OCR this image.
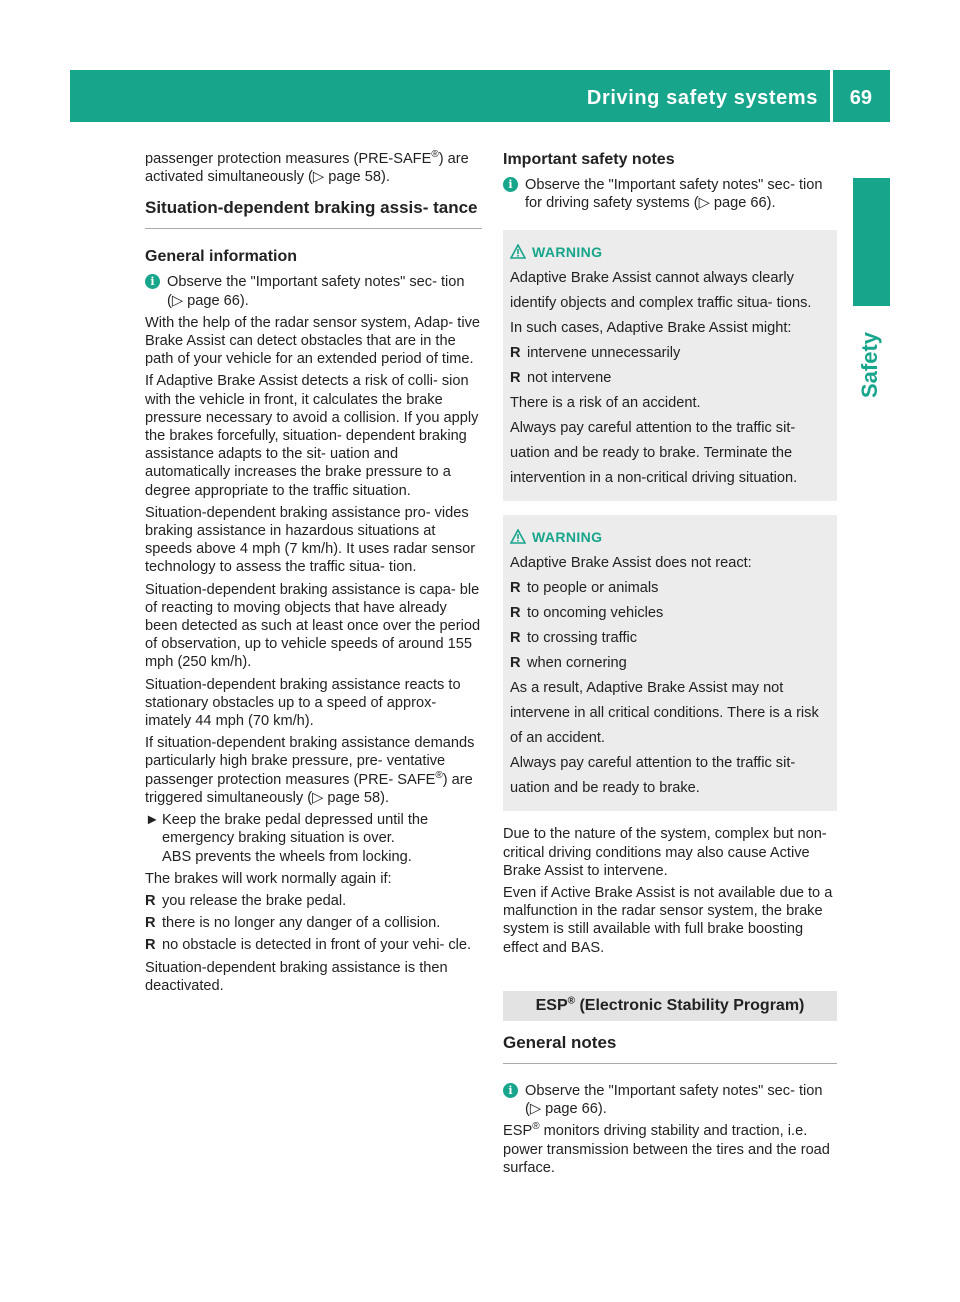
Driving safety systems 69
Safety

passenger protection measures (PRE-SAFE®) are activated simultaneously (▷ page 58).

Situation-dependent braking assis- tance
General information
i Observe the "Important safety notes" sec- tion (▷ page 66).

With the help of the radar sensor system, Adap- tive Brake Assist can detect obstacles that are in the path of your vehicle for an extended period of time.

If Adaptive Brake Assist detects a risk of colli- sion with the vehicle in front, it calculates the brake pressure necessary to avoid a collision. If you apply the brakes forcefully, situation- dependent braking assistance adapts to the sit- uation and automatically increases the brake pressure to a degree appropriate to the traffic situation.

Situation-dependent braking assistance pro- vides braking assistance in hazardous situations at speeds above 4 mph (7 km/h). It uses radar sensor technology to assess the traffic situa- tion.

Situation-dependent braking assistance is capa- ble of reacting to moving objects that have already been detected as such at least once over the period of observation, up to vehicle speeds of around 155 mph (250 km/h).

Situation-dependent braking assistance reacts to stationary obstacles up to a speed of approx- imately 44 mph (70 km/h).

If situation-dependent braking assistance demands particularly high brake pressure, pre- ventative passenger protection measures (PRE- SAFE®) are triggered simultaneously (▷ page 58).

► Keep the brake pedal depressed until the emergency braking situation is over.
ABS prevents the wheels from locking.

The brakes will work normally again if:

R you release the brake pedal.
R there is no longer any danger of a collision.
R no obstacle is detected in front of your vehi- cle.

Situation-dependent braking assistance is then deactivated.

Important safety notes
i Observe the "Important safety notes" sec- tion for driving safety systems (▷ page 66).
WARNING

Adaptive Brake Assist cannot always clearly identify objects and complex traffic situa- tions.

In such cases, Adaptive Brake Assist might:

R intervene unnecessarily
R not intervene

There is a risk of an accident.

Always pay careful attention to the traffic sit- uation and be ready to brake. Terminate the intervention in a non-critical driving situation.

WARNING

Adaptive Brake Assist does not react:

R to people or animals
R to oncoming vehicles
R to crossing traffic
R when cornering

As a result, Adaptive Brake Assist may not intervene in all critical conditions. There is a risk of an accident.

Always pay careful attention to the traffic sit- uation and be ready to brake.

Due to the nature of the system, complex but non-critical driving conditions may also cause Active Brake Assist to intervene.

Even if Active Brake Assist is not available due to a malfunction in the radar sensor system, the brake system is still available with full brake boosting effect and BAS.

ESP® (Electronic Stability Program)
General notes
i Observe the "Important safety notes" sec- tion (▷ page 66).

ESP® monitors driving stability and traction, i.e. power transmission between the tires and the road surface.
